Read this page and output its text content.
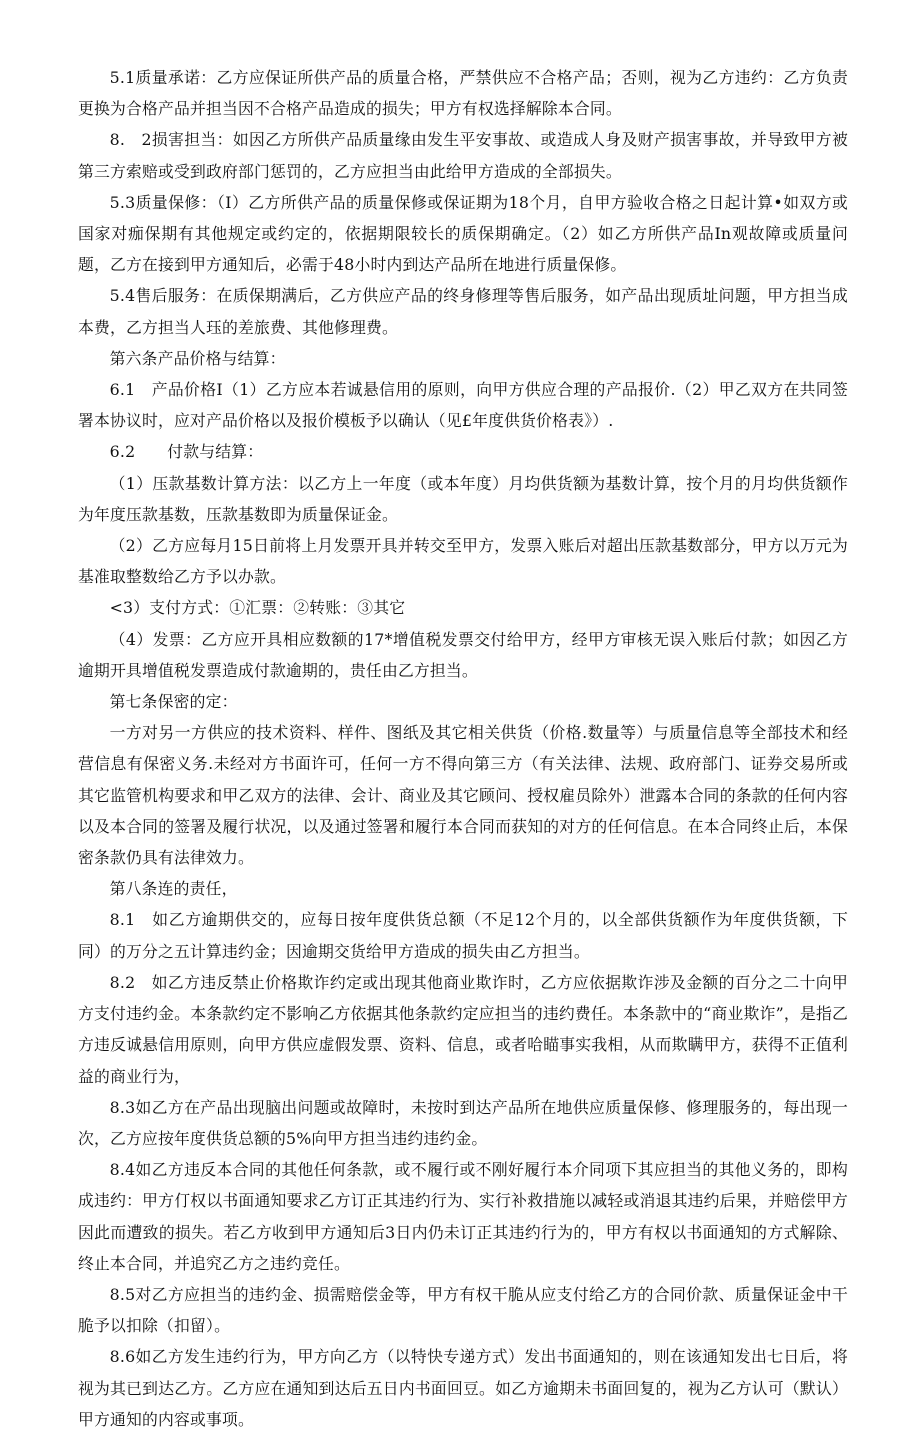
5.1质量承诺：乙方应保证所供产品的质量合格，严禁供应不合格产品；否则，视为乙方违约：乙方负责更换为合格产品并担当因不合格产品造成的损失；甲方有权选择解除本合同。

8.　2损害担当：如因乙方所供产品质量缘由发生平安事故、或造成人身及财产损害事故，并导致甲方被第三方索赔或受到政府部门惩罚的，乙方应担当由此给甲方造成的全部损失。

5.3质量保修：（I）乙方所供产品的质量保修或保证期为18个月，自甲方验收合格之日起计算•如双方或国家对痂保期有其他规定或约定的，依据期限较长的质保期确定。（2）如乙方所供产品In观故障或质量问题，乙方在接到甲方通知后，必需于48小时内到达产品所在地进行质量保修。

5.4售后服务：在质保期满后，乙方供应产品的终身修理等售后服务，如产品出现质址问题，甲方担当成本费，乙方担当人珏的差旅费、其他修理费。

第六条产品价格与结算：

6.1　产品价格I（1）乙方应本若诚悬信用的原则，向甲方供应合理的产品报价.（2）甲乙双方在共同签署本协议时，应对产品价格以及报价模板予以确认（见£年度供货价格表》）.

6.2　　付款与结算：

（1）压款基数计算方法：以乙方上一年度（或本年度）月均供货额为基数计算，按个月的月均供货额作为年度压款基数，压款基数即为质量保证金。

（2）乙方应每月15日前将上月发票开具并转交至甲方，发票入账后对超出压款基数部分，甲方以万元为基准取整数给乙方予以办款。

<3）支付方式：①汇票：②转账：③其它

（4）发票：乙方应开具相应数额的17*增值税发票交付给甲方，经甲方审核无误入账后付款；如因乙方逾期开具增值税发票造成付款逾期的，贵任由乙方担当。

第七条保密的定：

一方对另一方供应的技术资料、样件、图纸及其它相关供货（价格.数量等）与质量信息等全部技术和经营信息有保密义务.未经对方书面许可，任何一方不得向第三方（有关法律、法规、政府部门、证券交易所或其它监管机构要求和甲乙双方的法律、会计、商业及其它顾问、授权雇员除外）泄露本合同的条款的任何内容以及本合同的签署及履行状况，以及通过签署和履行本合同而获知的对方的任何信息。在本合同终止后，本保密条款仍具有法律效力。

第八条连的责任，

8.1　如乙方逾期供交的，应每日按年度供货总额（不足12个月的，以全部供货额作为年度供货额，下同）的万分之五计算违约金；因逾期交货给甲方造成的损失由乙方担当。

8.2　如乙方违反禁止价格欺诈约定或出现其他商业欺诈时，乙方应依据欺诈涉及金额的百分之二十向甲方支付违约金。本条款约定不影响乙方依据其他条款约定应担当的违约费任。本条款中的“商业欺诈”，是指乙方违反诚悬信用原则，向甲方供应虚假发票、资料、信息，或者哈瞄事实我相，从而欺瞒甲方，获得不正值利益的商业行为，

8.3如乙方在产品出现脑出问题或故障时，未按时到达产品所在地供应质量保修、修理服务的，每出现一次，乙方应按年度供货总额的5%向甲方担当违约违约金。

8.4如乙方违反本合同的其他任何条款，或不履行或不刚好履行本介同项下其应担当的其他义务的，即构成违约：甲方仃权以书面通知要求乙方订正其违约行为、实行补救措施以减轻或消退其违约后果，并赔偿甲方因此而遭致的损失。若乙方收到甲方通知后3日内仍未订正其违约行为的，甲方有权以书面通知的方式解除、终止本合同，并追究乙方之违约竞任。

8.5对乙方应担当的违约金、损需赔偿金等，甲方有权干脆从应支付给乙方的合同价款、质量保证金中干脆予以扣除（扣留）。

8.6如乙方发生违约行为，甲方向乙方（以特快专递方式）发出书面通知的，则在该通知发出七日后，将视为其已到达乙方。乙方应在通知到达后五日内书面回豆。如乙方逾期未书面回复的，视为乙方认可（默认）甲方通知的内容或事项。
